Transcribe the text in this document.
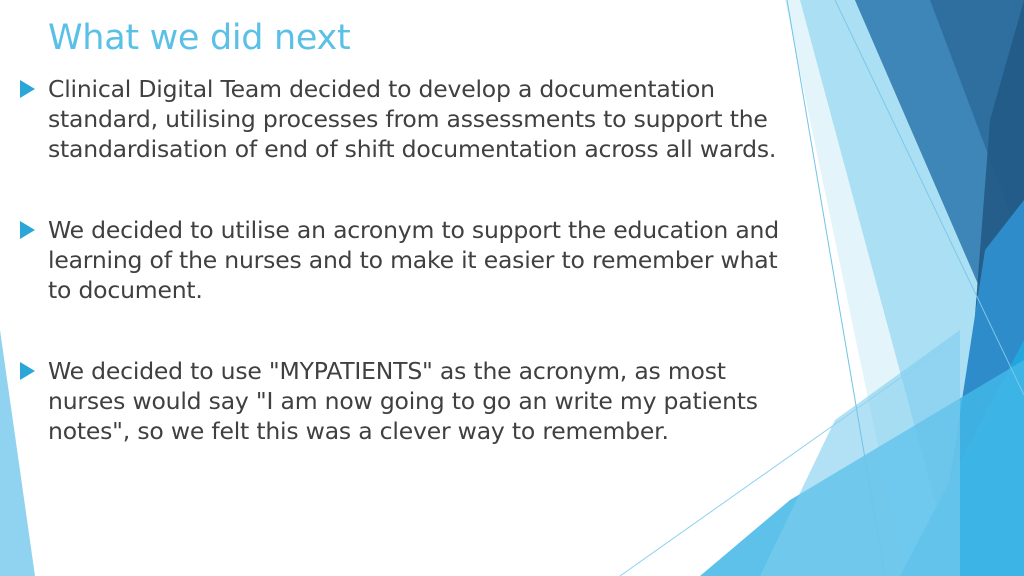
What we did next
Clinical Digital Team decided to develop a documentation
standard, utilising processes from assessments to support the
standardisation of end of shift documentation across all wards.
We decided to utilise an acronym to support the education and
learning of the nurses and to make it easier to remember what
to document.
We decided to use "MYPATIENTS" as the acronym, as most
nurses would say "I am now going to go an write my patients
notes", so we felt this was a clever way to remember.
